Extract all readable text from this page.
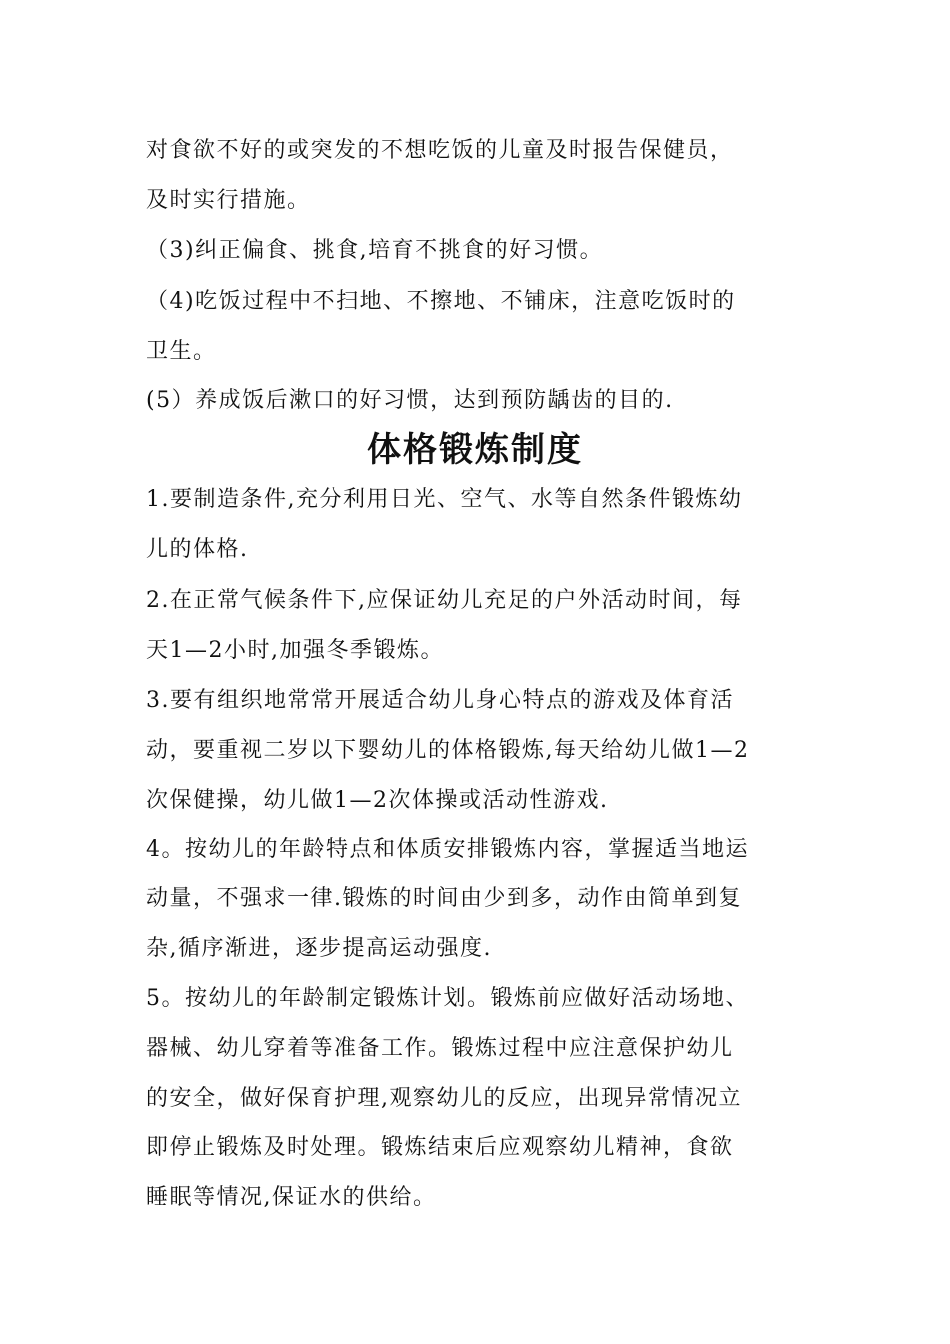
对食欲不好的或突发的不想吃饭的儿童及时报告保健员，
及时实行措施。
（3)纠正偏食、挑食,培育不挑食的好习惯。
（4)吃饭过程中不扫地、不擦地、不铺床，注意吃饭时的
卫生。
(5）养成饭后漱口的好习惯，达到预防龋齿的目的.
体格锻炼制度
1.要制造条件,充分利用日光、空气、水等自然条件锻炼幼
儿的体格.
2.在正常气候条件下,应保证幼儿充足的户外活动时间，每
天1—2小时,加强冬季锻炼。
3.要有组织地常常开展适合幼儿身心特点的游戏及体育活
动，要重视二岁以下婴幼儿的体格锻炼,每天给幼儿做1—2
次保健操，幼儿做1—2次体操或活动性游戏.
4。按幼儿的年龄特点和体质安排锻炼内容，掌握适当地运
动量，不强求一律.锻炼的时间由少到多，动作由简单到复
杂,循序渐进，逐步提高运动强度.
5。按幼儿的年龄制定锻炼计划。锻炼前应做好活动场地、
器械、幼儿穿着等准备工作。锻炼过程中应注意保护幼儿
的安全，做好保育护理,观察幼儿的反应，出现异常情况立
即停止锻炼及时处理。锻炼结束后应观察幼儿精神，食欲
睡眠等情况,保证水的供给。
